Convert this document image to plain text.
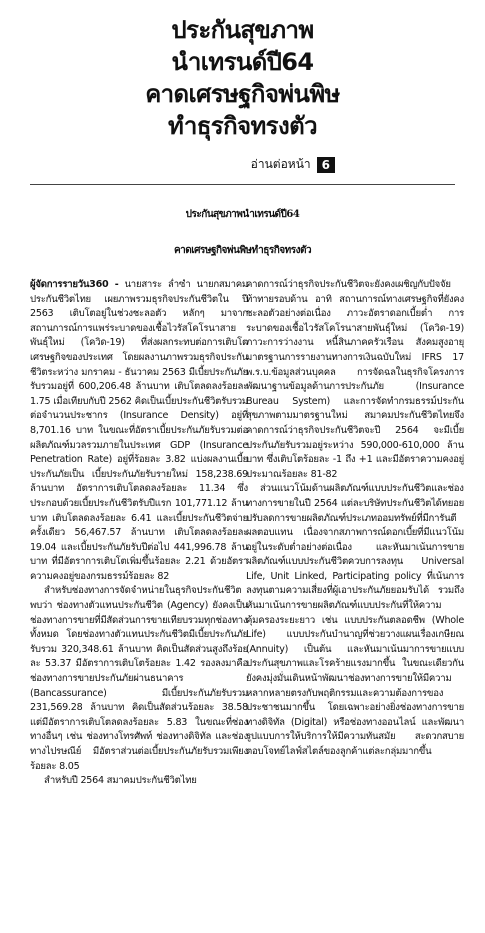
ประกันสุขภาพ
นำเทรนด์ปี64
คาดเศรษฐกิจพ่นพิษ
ทำธุรกิจทรงตัว
อ่านต่อหน้า 6
ประกันสุขภาพนำเทรนด์ปี64
คาดเศรษฐกิจพ่นพิษทำธุรกิจทรงตัว

ผู้จัดการรายวัน360 - นายสาระ ล่ำซำ นายกสมาคมประกันชีวิตไทย เผยภาพรวมธุรกิจประกันชีวิตใน ปี 2563 เติบโตอยู่ในช่วงชะลอตัว หลักๆ มาจากสถานการณ์การแพร่ระบาดของเชื้อไวรัสโคโรนาสายพันธุ์ใหม่ (โควิด-19) ที่ส่งผลกระทบต่อการเติบโตเศรษฐกิจของประเทศ โดยผลงานภาพรวมธุรกิจประกันชีวิตระหว่าง มกราคม - ธันวาคม 2563 มีเบี้ยประกันภัยรับรวมอยู่ที่ 600,206.48 ล้านบาท เติบโตลดลงร้อยละ 1.75 เมื่อเทียบกับปี 2562 คิดเป็นเบี้ยประกันชีวิตรับรวมต่อจำนวนประชากร (Insurance Density) อยู่ที่ 8,701.16 บาท ในขณะที่อัตราเบี้ยประกันภัยรับรวมต่อผลิตภัณฑ์มวลรวมภายในประเทศ GDP (Insurance Penetration Rate) อยู่ที่ร้อยละ 3.82 แบ่งผลงานเบี้ยประกันภัยเป็น เบี้ยประกันภัยรับรายใหม่ 158,238.69 ล้านบาท อัตราการเติบโตลดลงร้อยละ 11.34 ซึ่งประกอบด้วยเบี้ยประกันชีวิตรับปีแรก 101,771.12 ล้านบาท เติบโตลดลงร้อยละ 6.41 และเบี้ยประกันชีวิตจ่ายครั้งเดียว 56,467.57 ล้านบาท เติบโตลดลงร้อยละ 19.04 และเบี้ยประกันภัยรับปีต่อไป 441,996.78 ล้านบาท ที่มีอัตราการเติบโตเพิ่มขึ้นร้อยละ 2.21 ด้วยอัตราความคงอยู่ของกรมธรรม์ร้อยละ 82

สำหรับช่องทางการจัดจำหน่ายในธุรกิจประกันชีวิตพบว่า ช่องทางตัวแทนประกันชีวิต (Agency) ยังคงเป็นช่องทางการขายที่มีสัดส่วนการขายเทียบรวมทุกช่องทางทั้งหมด โดยช่องทางตัวแทนประกันชีวิตมีเบี้ยประกันภัยรับรวม 320,348.61 ล้านบาท คิดเป็นสัดส่วนสูงถึงร้อยละ 53.37 มีอัตราการเติบโตร้อยละ 1.42 รองลงมาคือช่องทางการขายประกันภัยผ่านธนาคาร (Bancassurance) มีเบี้ยประกันภัยรับรวม 231,569.28 ล้านบาท คิดเป็นสัดส่วนร้อยละ 38.58 แต่มีอัตราการเติบโตลดลงร้อยละ 5.83 ในขณะที่ช่องทางอื่นๆ เช่น ช่องทางโทรศัพท์ ช่องทางดิจิทัล และช่องทางไปรษณีย์ มีอัตราส่วนต่อเบี้ยประกันภัยรับรวมเพียงร้อยละ 8.05

สำหรับปี 2564 สมาคมประกันชีวิตไทย

คาดการณ์ว่าธุรกิจประกันชีวิตจะยังคงเผชิญกับปัจจัยท้าทายรอบด้าน อาทิ สถานการณ์ทางเศรษฐกิจที่ยังคงชะลอตัวอย่างต่อเนื่อง ภาวะอัตราดอกเบี้ยต่ำ การระบาดของเชื้อไวรัสโคโรนาสายพันธุ์ใหม่ (โควิด-19) ภาวะการว่างงาน หนี้สินภาคครัวเรือน สังคมสูงอายุ มาตรฐานการรายงานทางการเงินฉบับใหม่ IFRS 17 พ.ร.บ.ข้อมูลส่วนบุคคล การจัดฉลในธุรกิจโครงการพัฒนาฐานข้อมูลด้านการประกันภัย (Insurance Bureau System) และการจัดทำกรมธรรม์ประกันสุขภาพตามมาตรฐานใหม่ สมาคมประกันชีวิตไทยจึงคาดการณ์ว่าธุรกิจประกันชีวิตจะปี 2564 จะมีเบี้ยประกันภัยรับรวมอยู่ระหว่าง 590,000-610,000 ล้านบาท ซึ่งเติบโตร้อยละ -1 ถึง +1 และมีอัตราความคงอยู่ประมาณร้อยละ 81-82

ส่วนแนวโน้มด้านผลิตภัณฑ์แบบประกันชีวิตและช่องทางการขายในปี 2564 แต่ละบริษัทประกันชีวิตได้ทยอยปรับลดการขายผลิตภัณฑ์ประเภทออมทรัพย์ที่มีการันตีผลตอบแทน เนื่องจากสภาพการณ์ดอกเบี้ยที่มีแนวโน้มอยู่ในระดับต่ำอย่างต่อเนื่อง และหันมาเน้นการขายผลิตภัณฑ์แบบประกันชีวิตควบการลงทุน Universal Life, Unit Linked, Participating policy ที่เน้นการลงทุนตามความเสี่ยงที่ผู้เอาประกันภัยยอมรับได้ รวมถึงหันมาเน้นการขายผลิตภัณฑ์แบบประกันที่ให้ความคุ้มครองระยะยาว เช่น แบบประกันตลอดชีพ (Whole Life) แบบประกันบำนาญที่ช่วยวางแผนเรื่องเกษียณ (Annuity) เป็นต้น และหันมาเน้นมาการขายแบบประกันสุขภาพและโรคร้ายแรงมากขึ้น ในขณะเดียวกันยังคงมุ่งมั่นเดินหน้าพัฒนาช่องทางการขายให้มีความหลากหลายตรงกับพฤติกรรมและความต้องการของประชาชนมากขึ้น โดยเฉพาะอย่างยิ่งช่องทางการขายทางดิจิทัล (Digital) หรือช่องทางออนไลน์ และพัฒนารูปแบบการให้บริการให้มีความทันสมัย สะดวกสบาย ตอบโจทย์ไลฟ์สไตล์ของลูกค้าแต่ละกลุ่มมากขึ้น
